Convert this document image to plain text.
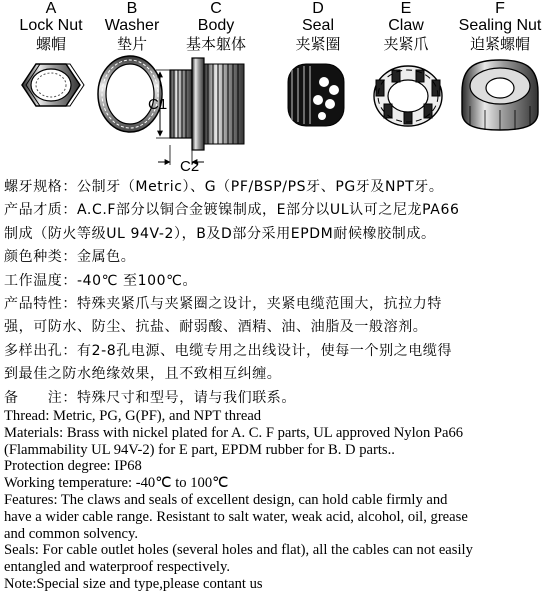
A
Lock Nut
螺帽
B
Washer
垫片
C
Body
基本躯体
D
Seal
夹紧圈
E
Claw
夹紧爪
F
Sealing Nut
迫紧螺帽
C1
C2

螺牙规格：公制牙（Metric）、G（PF/BSP/PS牙、PG牙及NPT牙。

产品才质：A.C.F部分以铜合金镀镍制成，E部分以UL认可之尼龙PA66

制成（防火等级UL 94V-2），B及D部分采用EPDM耐候橡胶制成。

颜色种类：金属色。

工作温度：-40℃ 至100℃。

产品特性：特殊夹紧爪与夹紧圈之设计，夹紧电缆范围大，抗拉力特

强，可防水、防尘、抗盐、耐弱酸、酒精、油、油脂及一般溶剂。

多样出孔：有2-8孔电源、电缆专用之出线设计，使每一个别之电缆得

到最佳之防水绝缘效果，且不致相互纠缠。

备　　注：特殊尺寸和型号，请与我们联系。

Thread: Metric, PG, G(PF), and NPT thread

Materials: Brass with nickel plated for A. C. F parts, UL approved Nylon Pa66

(Flammability UL 94V-2) for E part, EPDM rubber for B. D parts..

Protection degree: IP68

Working temperature: -40℃ to 100℃

Features: The claws and seals of excellent design, can hold cable firmly and

have a wider cable range. Resistant to salt water, weak acid, alcohol, oil, grease

and common solvency.

Seals: For cable outlet holes (several holes and flat), all the cables can not easily

entangled and waterproof respectively.

Note:Special size and type,please contant us
